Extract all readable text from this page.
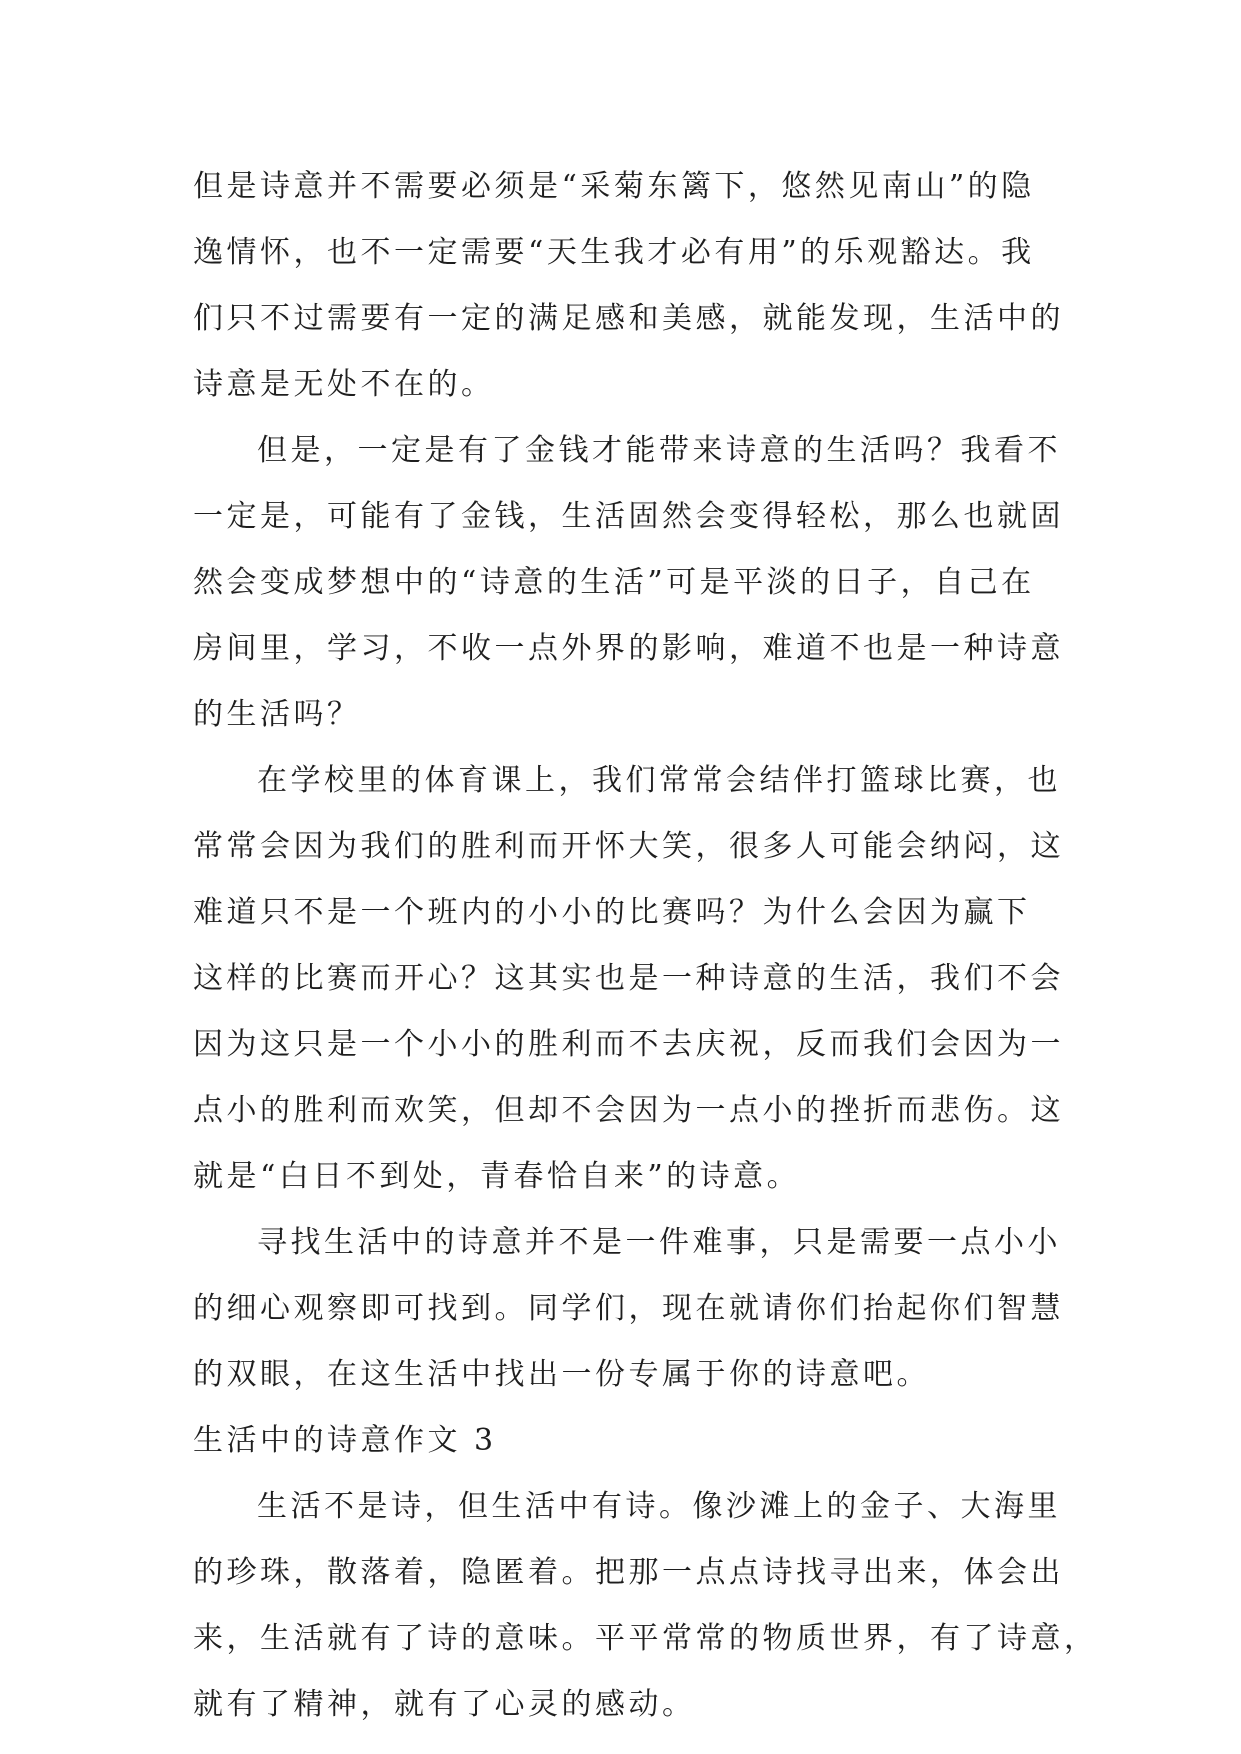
但是诗意并不需要必须是“采菊东篱下，悠然见南山”的隐
逸情怀，也不一定需要“天生我才必有用”的乐观豁达。我
们只不过需要有一定的满足感和美感，就能发现，生活中的
诗意是无处不在的。
但是，一定是有了金钱才能带来诗意的生活吗？我看不
一定是，可能有了金钱，生活固然会变得轻松，那么也就固
然会变成梦想中的“诗意的生活”可是平淡的日子，自己在
房间里，学习，不收一点外界的影响，难道不也是一种诗意
的生活吗？
在学校里的体育课上，我们常常会结伴打篮球比赛，也
常常会因为我们的胜利而开怀大笑，很多人可能会纳闷，这
难道只不是一个班内的小小的比赛吗？为什么会因为赢下
这样的比赛而开心？这其实也是一种诗意的生活，我们不会
因为这只是一个小小的胜利而不去庆祝，反而我们会因为一
点小的胜利而欢笑，但却不会因为一点小的挫折而悲伤。这
就是“白日不到处，青春恰自来”的诗意。
寻找生活中的诗意并不是一件难事，只是需要一点小小
的细心观察即可找到。同学们，现在就请你们抬起你们智慧
的双眼，在这生活中找出一份专属于你的诗意吧。
生活中的诗意作文 3
生活不是诗，但生活中有诗。像沙滩上的金子、大海里
的珍珠，散落着，隐匿着。把那一点点诗找寻出来，体会出
来，生活就有了诗的意味。平平常常的物质世界，有了诗意，
就有了精神，就有了心灵的感动。
